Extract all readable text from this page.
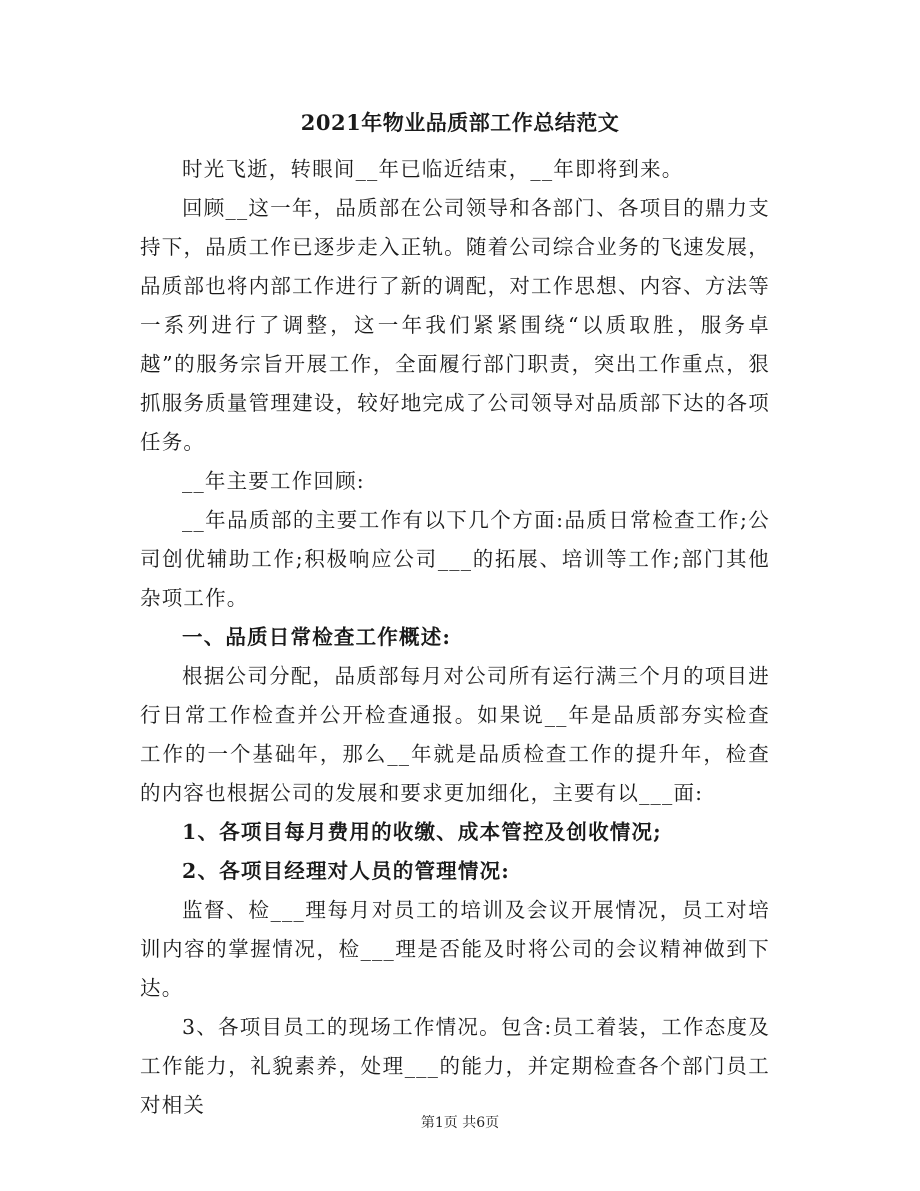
2021年物业品质部工作总结范文

时光飞逝，转眼间__年已临近结束，__年即将到来。

回顾__这一年，品质部在公司领导和各部门、各项目的鼎力支持下，品质工作已逐步走入正轨。随着公司综合业务的飞速发展，品质部也将内部工作进行了新的调配，对工作思想、内容、方法等一系列进行了调整，这一年我们紧紧围绕“以质取胜，服务卓越”的服务宗旨开展工作，全面履行部门职责，突出工作重点，狠抓服务质量管理建设，较好地完成了公司领导对品质部下达的各项任务。

__年主要工作回顾:

__年品质部的主要工作有以下几个方面:品质日常检查工作;公司创优辅助工作;积极响应公司___的拓展、培训等工作;部门其他杂项工作。

一、品质日常检查工作概述:

根据公司分配，品质部每月对公司所有运行满三个月的项目进行日常工作检查并公开检查通报。如果说__年是品质部夯实检查工作的一个基础年，那么__年就是品质检查工作的提升年，检查的内容也根据公司的发展和要求更加细化，主要有以___面:

1、各项目每月费用的收缴、成本管控及创收情况;

2、各项目经理对人员的管理情况:

监督、检___理每月对员工的培训及会议开展情况，员工对培训内容的掌握情况，检___理是否能及时将公司的会议精神做到下达。

3、各项目员工的现场工作情况。包含:员工着装，工作态度及工作能力，礼貌素养，处理___的能力，并定期检查各个部门员工对相关

第1页 共6页
